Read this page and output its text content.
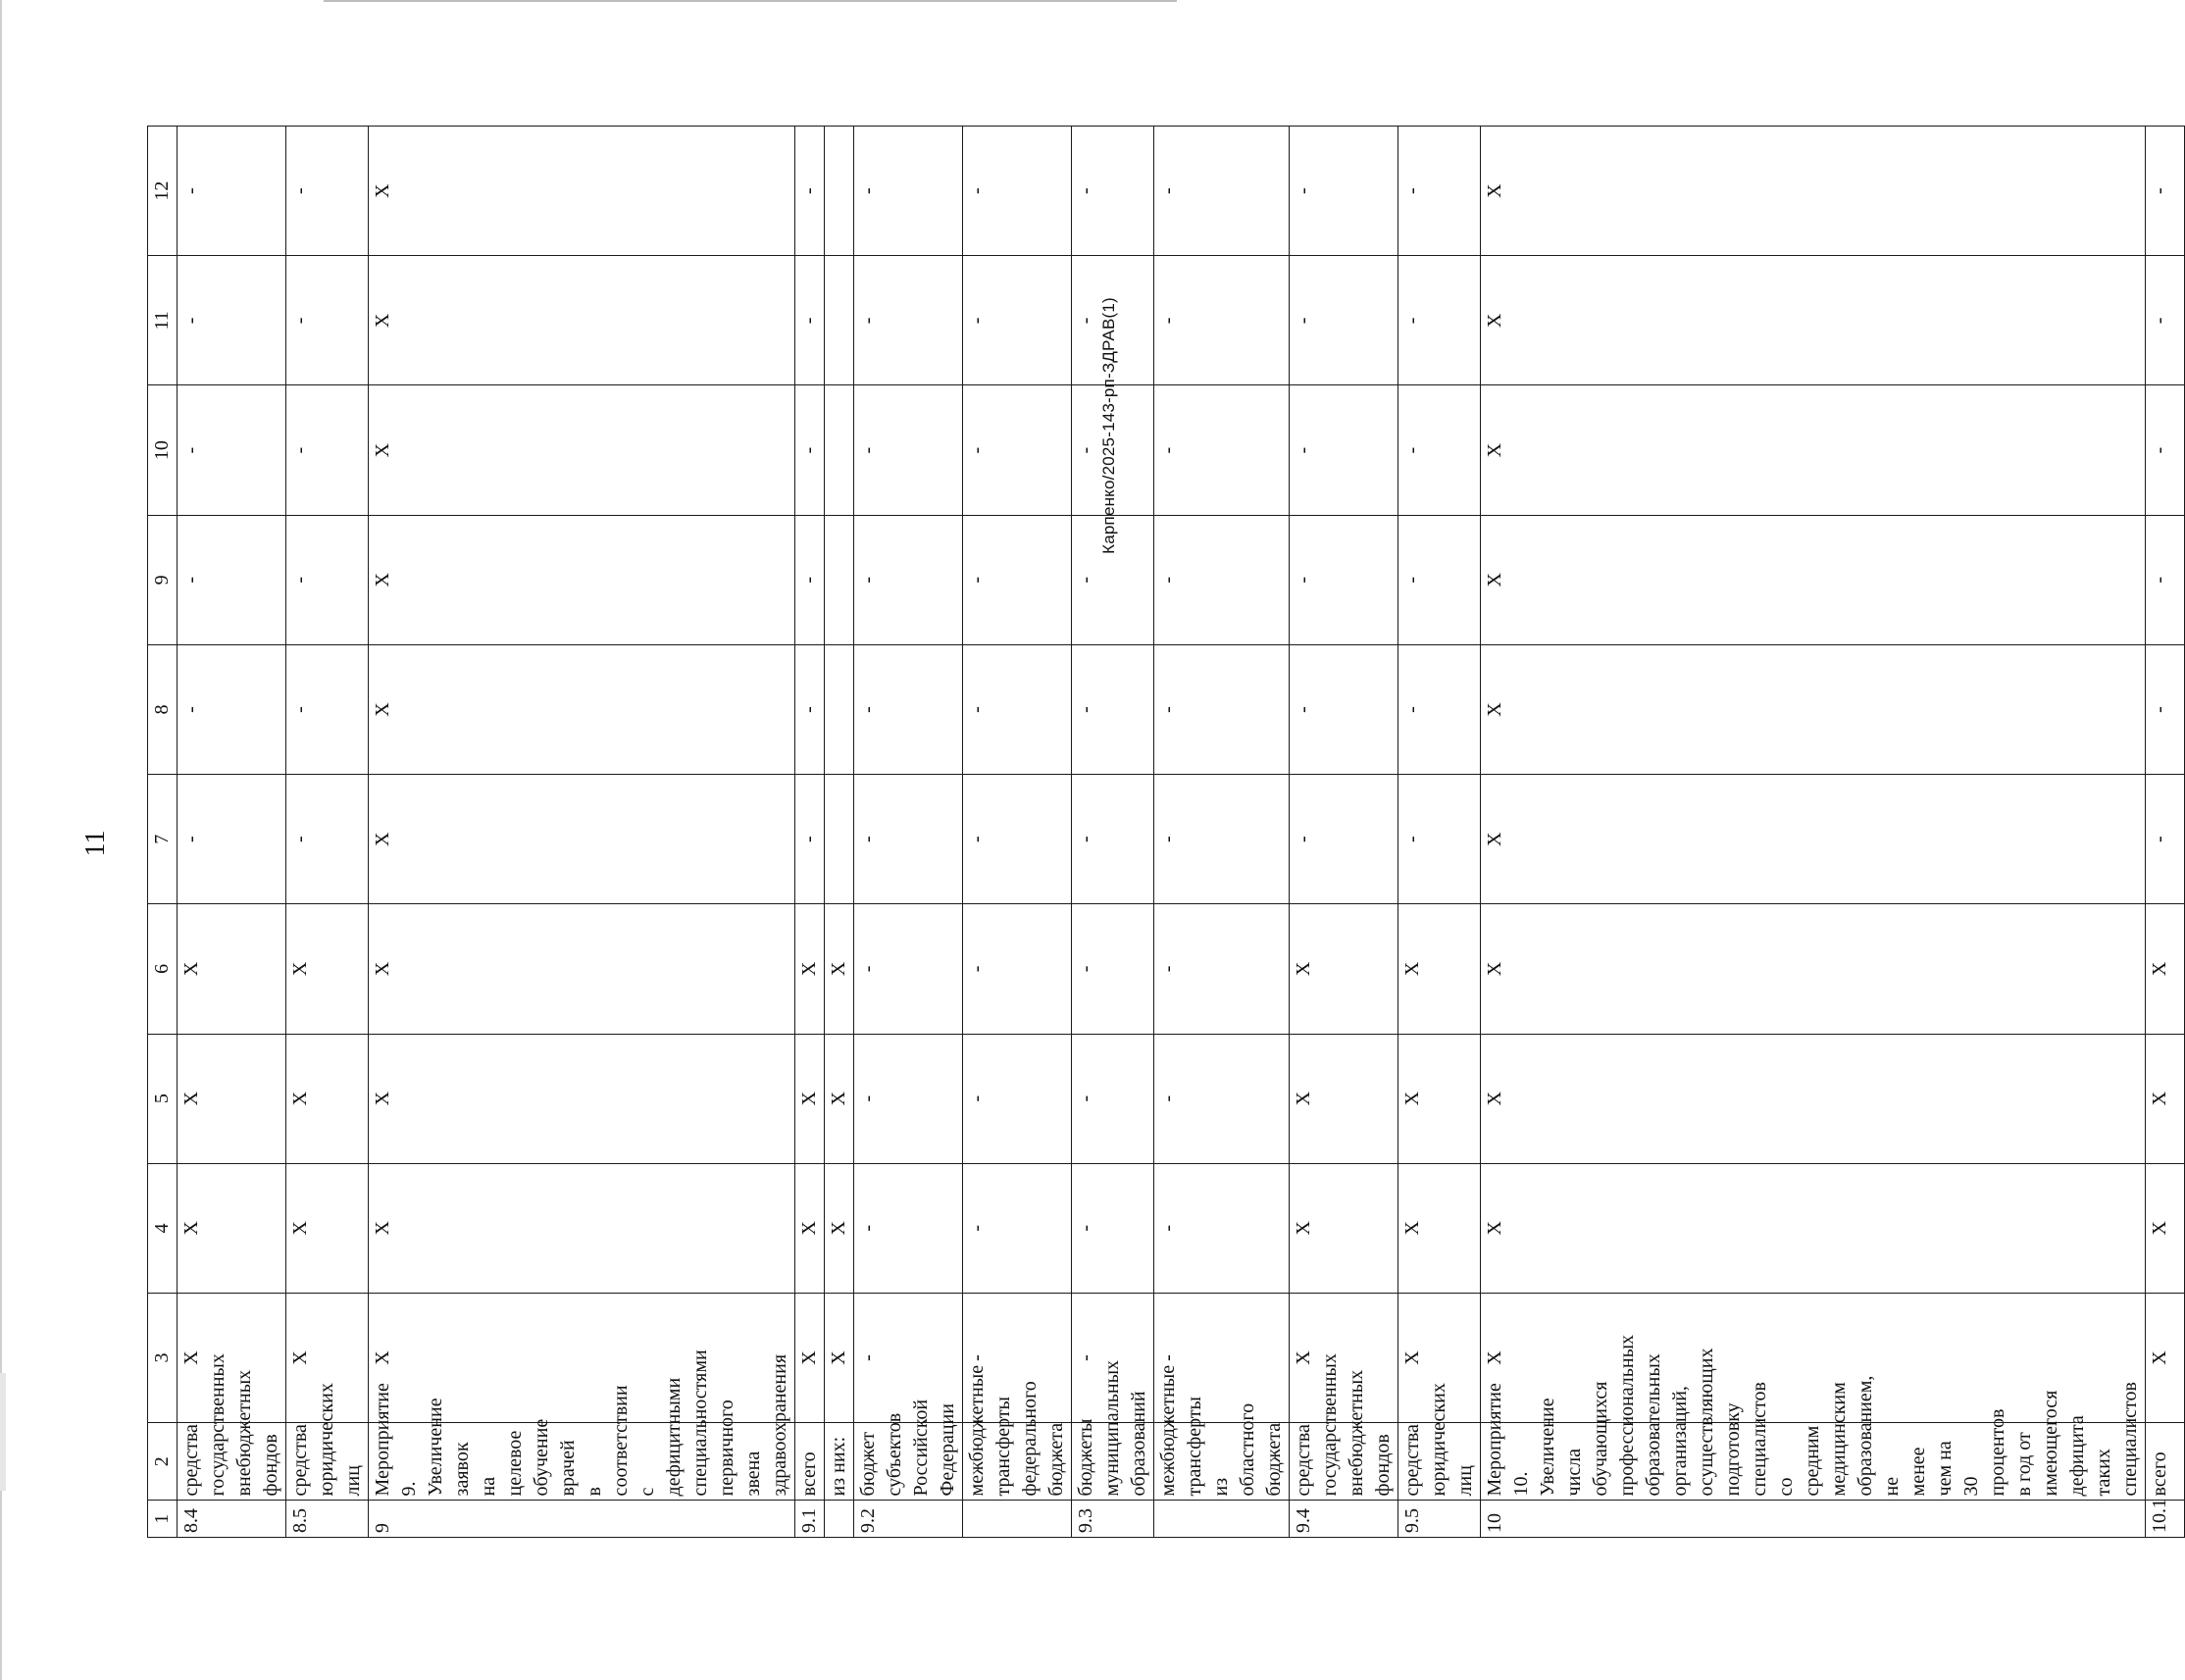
11
Карпенко/2025-143-рп-ЗДРАВ(1)
1	2	3	4	5	6	7	8	9	10	11	12
8.4	средства государственных внебюджетных фондов	X	X	X	X	-	-	-	-	-	-
8.5	средства юридических лиц	X	X	X	X	-	-	-	-	-	-
9	Мероприятие 9. Увеличение заявок на целевое обучение врачей в соответствии с дефицитными специальностями первичного звена здравоохранения	X	X	X	X	X	X	X	X	X	X
9.1	всего	X	X	X	X	-	-	-	-	-	-
	из них:	X	X	X	X						
9.2	бюджет субъектов Российской Федерации	-	-	-	-	-	-	-	-	-	-
	межбюджетные трансферты федерального бюджета	-	-	-	-	-	-	-	-	-	-
9.3	бюджеты муниципальных образований	-	-	-	-	-	-	-	-	-	-
	межбюджетные трансферты из областного бюджета	-	-	-	-	-	-	-	-	-	-
9.4	средства государственных внебюджетных фондов	X	X	X	X	-	-	-	-	-	-
9.5	средства юридических лиц	X	X	X	X	-	-	-	-	-	-
10	Мероприятие 10. Увеличение числа обучающихся профессиональных образовательных организаций, осуществляющих подготовку специалистов со средним медицинским образованием, не менее чем на 30 процентов в год от имеющегося дефицита таких специалистов	X	X	X	X	X	X	X	X	X	X
10.1	всего	X	X	X	X	-	-	-	-	-	-
